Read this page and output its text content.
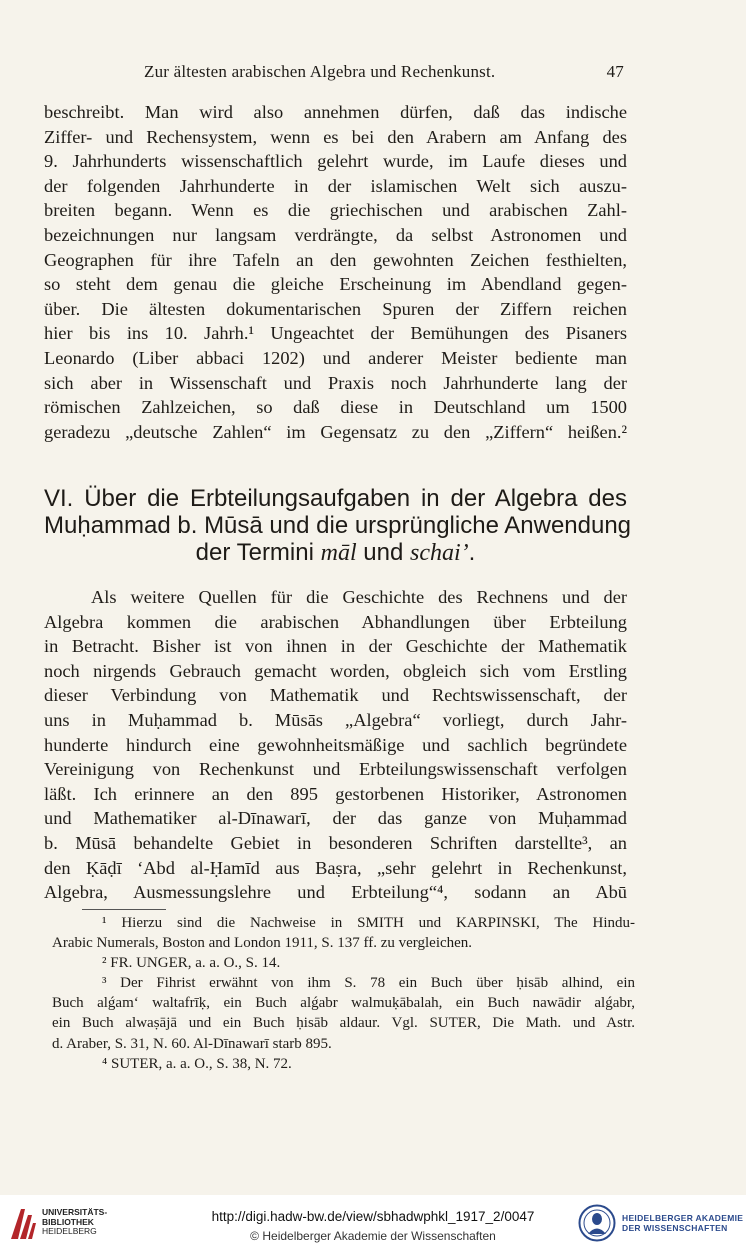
Zur ältesten arabischen Algebra und Rechenkunst.	47
beschreibt. Man wird also annehmen dürfen, daß das indische
Ziffer- und Rechensystem, wenn es bei den Arabern am Anfang des
9. Jahrhunderts wissenschaftlich gelehrt wurde, im Laufe dieses und
der folgenden Jahrhunderte in der islamischen Welt sich auszu-
breiten begann. Wenn es die griechischen und arabischen Zahl-
bezeichnungen nur langsam verdrängte, da selbst Astronomen und
Geographen für ihre Tafeln an den gewohnten Zeichen festhielten,
so steht dem genau die gleiche Erscheinung im Abendland gegen-
über. Die ältesten dokumentarischen Spuren der Ziffern reichen
hier bis ins 10. Jahrh.¹ Ungeachtet der Bemühungen des Pisaners
Leonardo (Liber abbaci 1202) und anderer Meister bediente man
sich aber in Wissenschaft und Praxis noch Jahrhunderte lang der
römischen Zahlzeichen, so daß diese in Deutschland um 1500
geradezu „deutsche Zahlen“ im Gegensatz zu den „Ziffern“ heißen.²
VI. Über die Erbteilungsaufgaben in der Algebra des
Muḥammad b. Mūsā und die ursprüngliche Anwendung
der Termini māl und schai’.
Als weitere Quellen für die Geschichte des Rechnens und der
Algebra kommen die arabischen Abhandlungen über Erbteilung
in Betracht. Bisher ist von ihnen in der Geschichte der Mathematik
noch nirgends Gebrauch gemacht worden, obgleich sich vom Erstling
dieser Verbindung von Mathematik und Rechtswissenschaft, der
uns in Muḥammad b. Mūsās „Algebra“ vorliegt, durch Jahr-
hunderte hindurch eine gewohnheitsmäßige und sachlich begründete
Vereinigung von Rechenkunst und Erbteilungswissenschaft verfolgen
läßt. Ich erinnere an den 895 gestorbenen Historiker, Astronomen
und Mathematiker al-Dīnawarī, der das ganze von Muḥammad
b. Mūsā behandelte Gebiet in besonderen Schriften darstellte³, an
den Ḳāḍī ‘Abd al-Ḥamīd aus Baṣra, „sehr gelehrt in Rechenkunst,
Algebra, Ausmessungslehre und Erbteilung“⁴, sodann an Abū
¹ Hierzu sind die Nachweise in SMITH und KARPINSKI, The Hindu-
Arabic Numerals, Boston and London 1911, S. 137 ff. zu vergleichen.
² FR. UNGER, a. a. O., S. 14.
³ Der Fihrist erwähnt von ihm S. 78 ein Buch über ḥisāb alhind, ein
Buch alǵam‘ waltafrīḳ, ein Buch alǵabr walmuḳābalah, ein Buch nawādir alǵabr,
ein Buch alwaṣājā und ein Buch ḥisāb aldaur. Vgl. SUTER, Die Math. und Astr.
d. Araber, S. 31, N. 60. Al-Dīnawarī starb 895.
⁴ SUTER, a. a. O., S. 38, N. 72.
UNIVERSITÄTS-
BIBLIOTHEK
HEIDELBERG
http://digi.hadw-bw.de/view/sbhadwphkl_1917_2/0047
© Heidelberger Akademie der Wissenschaften
HEIDELBERGER AKADEMIE
DER WISSENSCHAFTEN
